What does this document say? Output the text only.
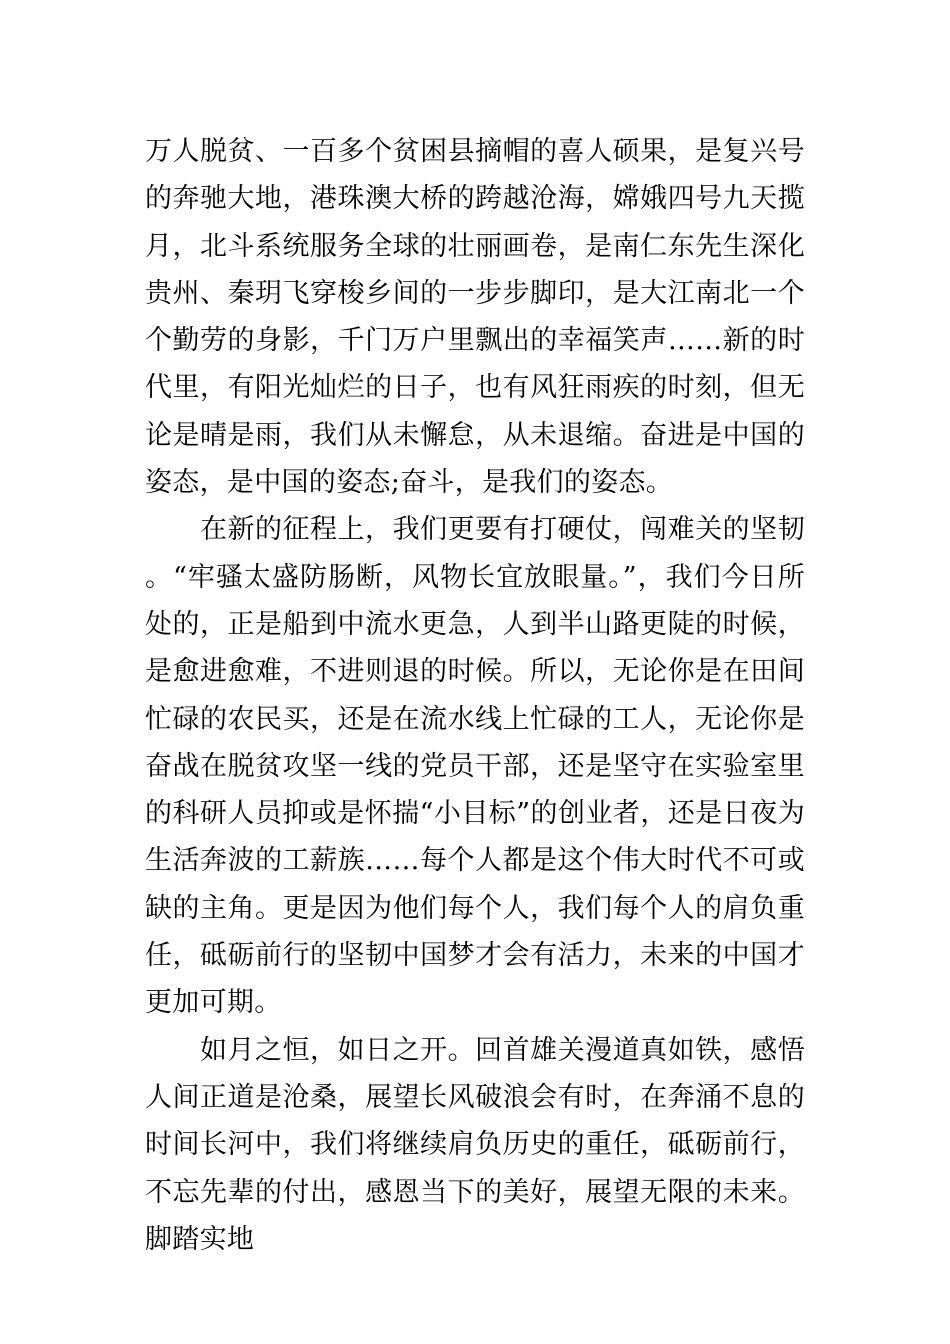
万人脱贫、一百多个贫困县摘帽的喜人硕果，是复兴号的奔驰大地，港珠澳大桥的跨越沧海，嫦娥四号九天揽月，北斗系统服务全球的壮丽画卷，是南仁东先生深化贵州、秦玥飞穿梭乡间的一步步脚印，是大江南北一个个勤劳的身影，千门万户里飘出的幸福笑声……新的时代里，有阳光灿烂的日子，也有风狂雨疾的时刻，但无论是晴是雨，我们从未懈怠，从未退缩。奋进是中国的姿态，是中国的姿态;奋斗，是我们的姿态。

在新的征程上，我们更要有打硬仗，闯难关的坚韧。“牢骚太盛防肠断，风物长宜放眼量。”，我们今日所处的，正是船到中流水更急，人到半山路更陡的时候，是愈进愈难，不进则退的时候。所以，无论你是在田间忙碌的农民买，还是在流水线上忙碌的工人，无论你是奋战在脱贫攻坚一线的党员干部，还是坚守在实验室里的科研人员抑或是怀揣“小目标”的创业者，还是日夜为生活奔波的工薪族……每个人都是这个伟大时代不可或缺的主角。更是因为他们每个人，我们每个人的肩负重任，砥砺前行的坚韧中国梦才会有活力，未来的中国才更加可期。

如月之恒，如日之开。回首雄关漫道真如铁，感悟人间正道是沧桑，展望长风破浪会有时，在奔涌不息的时间长河中，我们将继续肩负历史的重任，砥砺前行，不忘先辈的付出，感恩当下的美好，展望无限的未来。脚踏实地
